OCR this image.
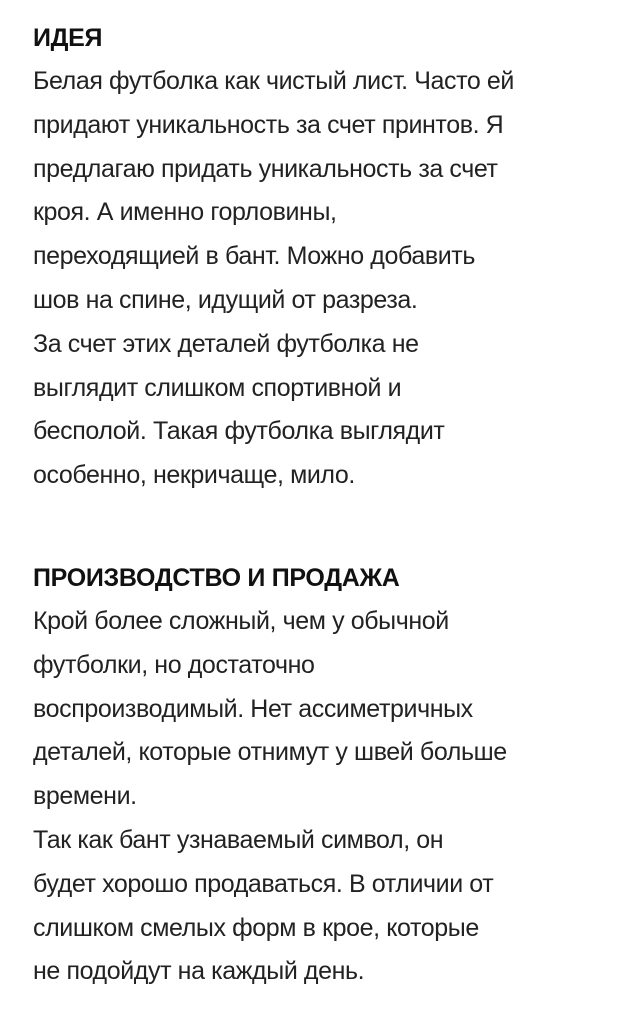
ИДЕЯ
Белая футболка как чистый лист. Часто ей
придают уникальность за счет принтов. Я
предлагаю придать уникальность за счет
кроя. А именно горловины,
переходящией в бант. Можно добавить
шов на спине, идущий от разреза.
За счет этих деталей футболка не
выглядит слишком спортивной и
бесполой. Такая футболка выглядит
особенно, некричаще, мило.
ПРОИЗВОДСТВО И ПРОДАЖА
Крой более сложный, чем у обычной
футболки, но достаточно
воспроизводимый. Нет ассиметричных
деталей, которые отнимут у швей больше
времени.
Так как бант узнаваемый символ, он
будет хорошо продаваться. В отличии от
слишком смелых форм в крое, которые
не подойдут на каждый день.
